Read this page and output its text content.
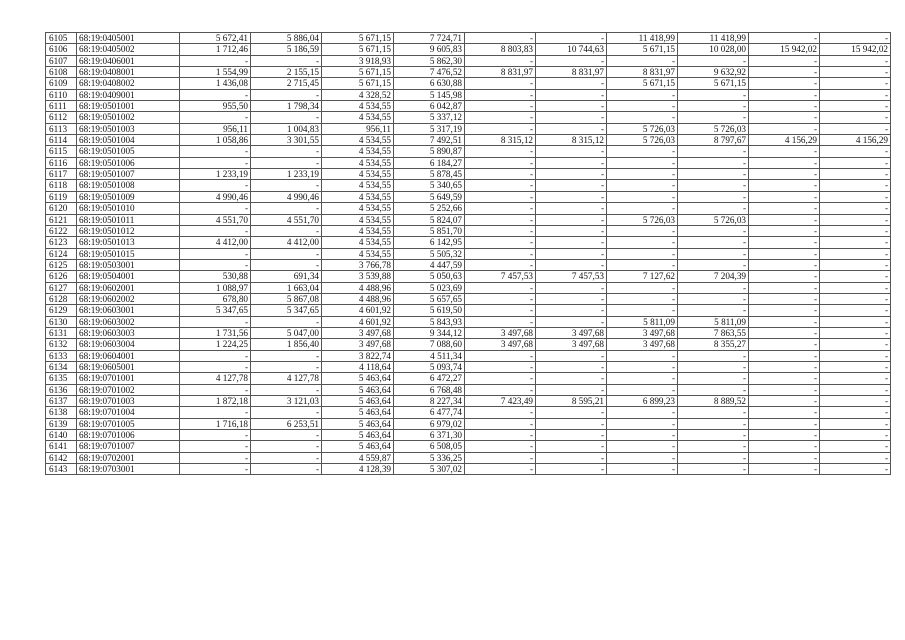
6105	68:19:0405001	5 672,41	5 886,04	5 671,15	7 724,71	-	-	11 418,99	11 418,99	-	-
6106	68:19:0405002	1 712,46	5 186,59	5 671,15	9 605,83	8 803,83	10 744,63	5 671,15	10 028,00	15 942,02	15 942,02
6107	68:19:0406001	-	-	3 918,93	5 862,30	-	-	-	-	-	-
6108	68:19:0408001	1 554,99	2 155,15	5 671,15	7 476,52	8 831,97	8 831,97	8 831,97	9 632,92	-	-
6109	68:19:0408002	1 436,08	2 715,45	5 671,15	6 630,88	-	-	5 671,15	5 671,15	-	-
6110	68:19:0409001	-	-	4 328,52	5 145,98	-	-	-	-	-	-
6111	68:19:0501001	955,50	1 798,34	4 534,55	6 042,87	-	-	-	-	-	-
6112	68:19:0501002	-	-	4 534,55	5 337,12	-	-	-	-	-	-
6113	68:19:0501003	956,11	1 004,83	956,11	5 317,19	-	-	5 726,03	5 726,03	-	-
6114	68:19:0501004	1 058,86	3 301,55	4 534,55	7 492,51	8 315,12	8 315,12	5 726,03	8 797,67	4 156,29	4 156,29
6115	68:19:0501005	-	-	4 534,55	5 890,87	-	-	-	-	-	-
6116	68:19:0501006	-	-	4 534,55	6 184,27	-	-	-	-	-	-
6117	68:19:0501007	1 233,19	1 233,19	4 534,55	5 878,45	-	-	-	-	-	-
6118	68:19:0501008	-	-	4 534,55	5 340,65	-	-	-	-	-	-
6119	68:19:0501009	4 990,46	4 990,46	4 534,55	5 649,59	-	-	-	-	-	-
6120	68:19:0501010	-	-	4 534,55	5 252,66	-	-	-	-	-	-
6121	68:19:0501011	4 551,70	4 551,70	4 534,55	5 824,07	-	-	5 726,03	5 726,03	-	-
6122	68:19:0501012	-	-	4 534,55	5 851,70	-	-	-	-	-	-
6123	68:19:0501013	4 412,00	4 412,00	4 534,55	6 142,95	-	-	-	-	-	-
6124	68:19:0501015	-	-	4 534,55	5 505,32	-	-	-	-	-	-
6125	68:19:0503001	-	-	3 766,78	4 447,59	-	-	-	-	-	-
6126	68:19:0504001	530,88	691,34	3 539,88	5 050,63	7 457,53	7 457,53	7 127,62	7 204,39	-	-
6127	68:19:0602001	1 088,97	1 663,04	4 488,96	5 023,69	-	-	-	-	-	-
6128	68:19:0602002	678,80	5 867,08	4 488,96	5 657,65	-	-	-	-	-	-
6129	68:19:0603001	5 347,65	5 347,65	4 601,92	5 619,50	-	-	-	-	-	-
6130	68:19:0603002	-	-	4 601,92	5 843,93	-	-	5 811,09	5 811,09	-	-
6131	68:19:0603003	1 731,56	5 047,00	3 497,68	9 344,12	3 497,68	3 497,68	3 497,68	7 863,55	-	-
6132	68:19:0603004	1 224,25	1 856,40	3 497,68	7 088,60	3 497,68	3 497,68	3 497,68	8 355,27	-	-
6133	68:19:0604001	-	-	3 822,74	4 511,34	-	-	-	-	-	-
6134	68:19:0605001	-	-	4 118,64	5 093,74	-	-	-	-	-	-
6135	68:19:0701001	4 127,78	4 127,78	5 463,64	6 472,27	-	-	-	-	-	-
6136	68:19:0701002	-	-	5 463,64	6 768,48	-	-	-	-	-	-
6137	68:19:0701003	1 872,18	3 121,03	5 463,64	8 227,34	7 423,49	8 595,21	6 899,23	8 889,52	-	-
6138	68:19:0701004	-	-	5 463,64	6 477,74	-	-	-	-	-	-
6139	68:19:0701005	1 716,18	6 253,51	5 463,64	6 979,02	-	-	-	-	-	-
6140	68:19:0701006	-	-	5 463,64	6 371,30	-	-	-	-	-	-
6141	68:19:0701007	-	-	5 463,64	6 508,05	-	-	-	-	-	-
6142	68:19:0702001	-	-	4 559,87	5 336,25	-	-	-	-	-	-
6143	68:19:0703001	-	-	4 128,39	5 307,02	-	-	-	-	-	-
